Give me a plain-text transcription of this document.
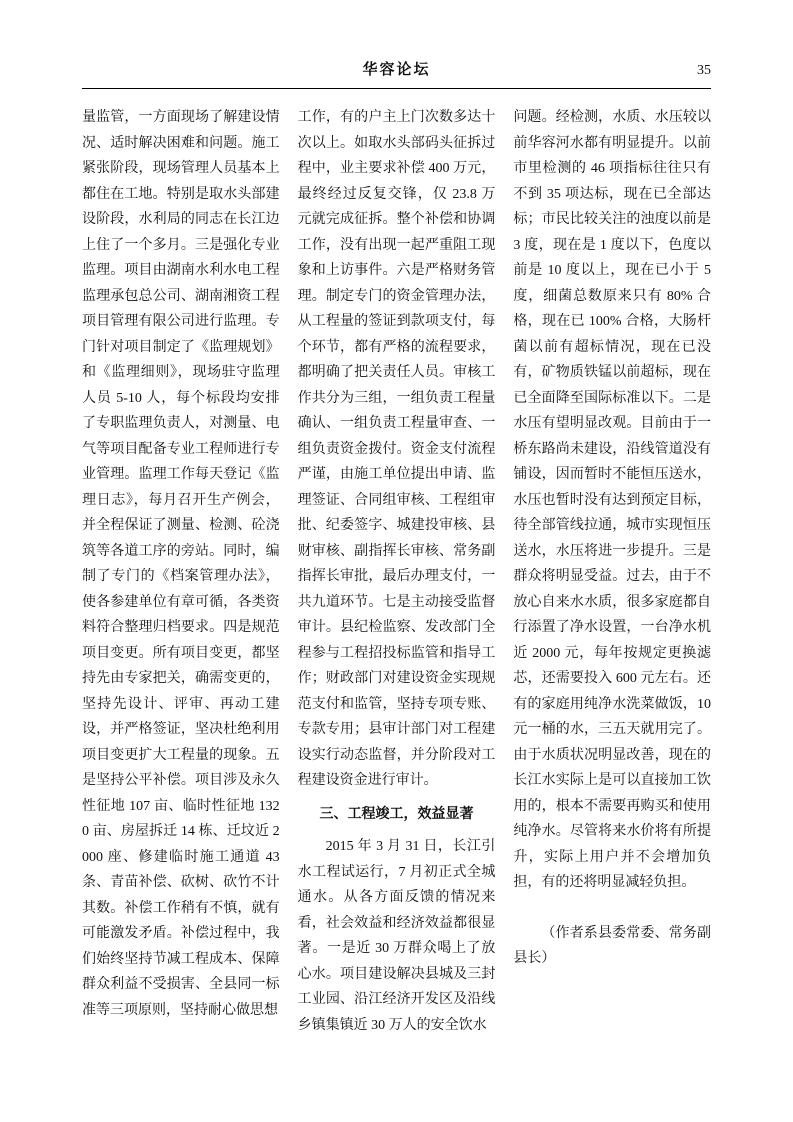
华容论坛	35

量监管，一方面现场了解建设情况、适时解决困难和问题。施工紧张阶段，现场管理人员基本上都住在工地。特别是取水头部建设阶段，水利局的同志在长江边上住了一个多月。三是强化专业监理。项目由湖南水利水电工程监理承包总公司、湖南湘资工程项目管理有限公司进行监理。专门针对项目制定了《监理规划》和《监理细则》，现场驻守监理人员 5-10 人，每个标段均安排了专职监理负责人，对测量、电气等项目配备专业工程师进行专业管理。监理工作每天登记《监理日志》，每月召开生产例会，并全程保证了测量、检测、砼浇筑等各道工序的旁站。同时，编制了专门的《档案管理办法》，使各参建单位有章可循，各类资料符合整理归档要求。四是规范项目变更。所有项目变更，都坚持先由专家把关，确需变更的，坚持先设计、评审、再动工建设，并严格签证，坚决杜绝利用项目变更扩大工程量的现象。五是坚持公平补偿。项目涉及永久性征地 107 亩、临时性征地 1320 亩、房屋拆迁 14 栋、迁坟近 2000 座、修建临时施工通道 43 条、青苗补偿、砍树、砍竹不计其数。补偿工作稍有不慎，就有可能激发矛盾。补偿过程中，我们始终坚持节减工程成本、保障群众利益不受损害、全县同一标准等三项原则，坚持耐心做思想

工作，有的户主上门次数多达十次以上。如取水头部码头征拆过程中，业主要求补偿 400 万元，最终经过反复交锋，仅 23.8 万元就完成征拆。整个补偿和协调工作，没有出现一起严重阻工现象和上访事件。六是严格财务管理。制定专门的资金管理办法，从工程量的签证到款项支付，每个环节，都有严格的流程要求，都明确了把关责任人员。审核工作共分为三组，一组负责工程量确认、一组负责工程量审查、一组负责资金拨付。资金支付流程严谨，由施工单位提出申请、监理签证、合同组审核、工程组审批、纪委签字、城建投审核、县财审核、副指挥长审核、常务副指挥长审批，最后办理支付，一共九道环节。七是主动接受监督审计。县纪检监察、发改部门全程参与工程招投标监管和指导工作；财政部门对建设资金实现规范支付和监管，坚持专项专账、专款专用；县审计部门对工程建设实行动态监督，并分阶段对工程建设资金进行审计。

三、工程竣工，效益显著

2015 年 3 月 31 日，长江引水工程试运行，7 月初正式全城通水。从各方面反馈的情况来看，社会效益和经济效益都很显著。一是近 30 万群众喝上了放心水。项目建设解决县城及三封工业园、沿江经济开发区及沿线乡镇集镇近 30 万人的安全饮水

问题。经检测，水质、水压较以前华容河水都有明显提升。以前市里检测的 46 项指标往往只有不到 35 项达标，现在已全部达标；市民比较关注的浊度以前是 3 度，现在是 1 度以下，色度以前是 10 度以上，现在已小于 5 度，细菌总数原来只有 80% 合格，现在已 100% 合格，大肠杆菌以前有超标情况，现在已没有，矿物质铁锰以前超标，现在已全面降至国际标准以下。二是水压有望明显改观。目前由于一桥东路尚未建设，沿线管道没有铺设，因而暂时不能恒压送水，水压也暂时没有达到预定目标，待全部管线拉通，城市实现恒压送水，水压将进一步提升。三是群众将明显受益。过去，由于不放心自来水水质，很多家庭都自行添置了净水设置，一台净水机近 2000 元，每年按规定更换滤芯，还需要投入 600 元左右。还有的家庭用纯净水洗菜做饭，10 元一桶的水，三五天就用完了。由于水质状况明显改善，现在的长江水实际上是可以直接加工饮用的，根本不需要再购买和使用纯净水。尽管将来水价将有所提升，实际上用户并不会增加负担，有的还将明显减轻负担。

（作者系县委常委、常务副县长）
